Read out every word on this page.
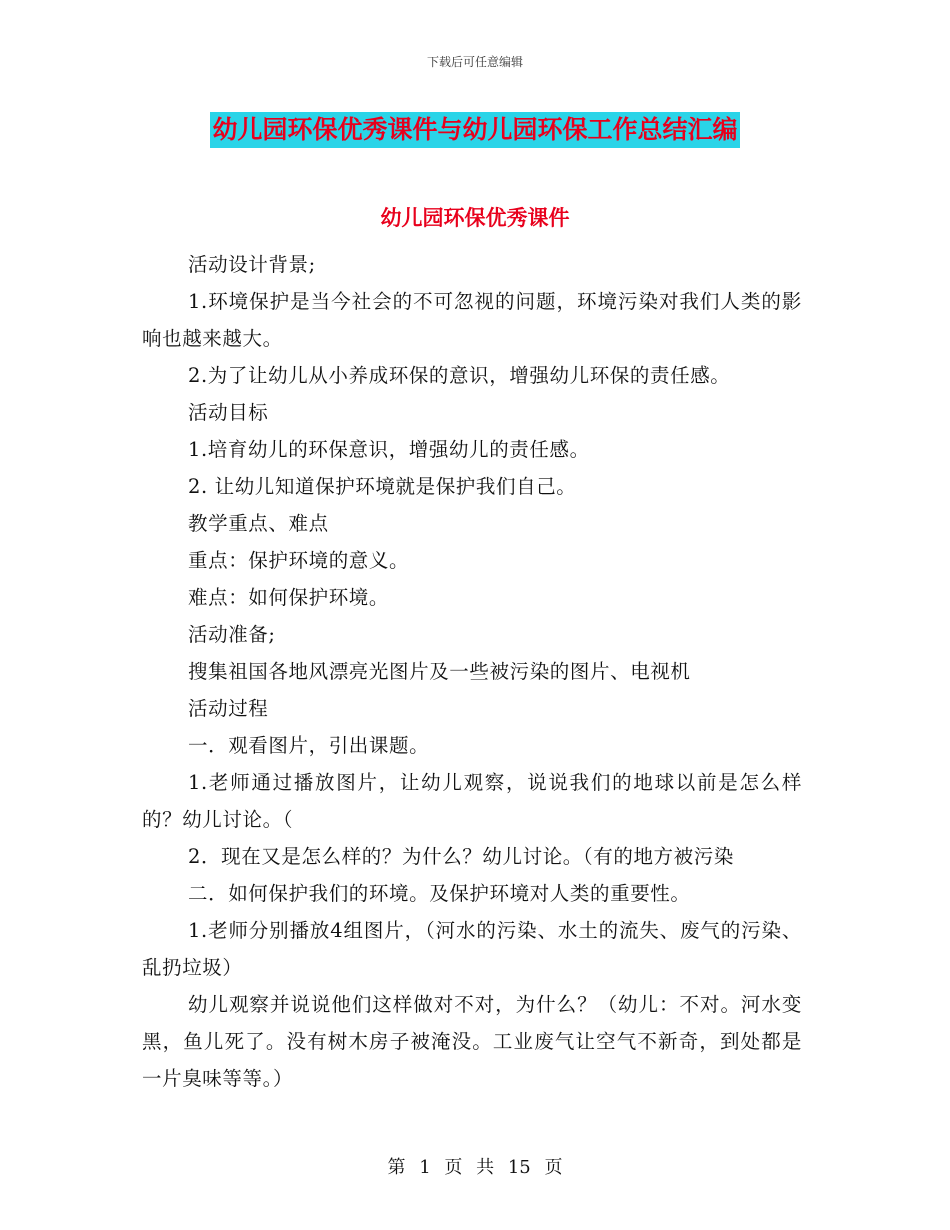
下载后可任意编辑
幼儿园环保优秀课件与幼儿园环保工作总结汇编
幼儿园环保优秀课件

活动设计背景;

1.环境保护是当今社会的不可忽视的问题，环境污染对我们人类的影响也越来越大。

2.为了让幼儿从小养成环保的意识，增强幼儿环保的责任感。

活动目标

1.培育幼儿的环保意识，增强幼儿的责任感。

2. 让幼儿知道保护环境就是保护我们自己。

教学重点、难点

重点：保护环境的意义。

难点：如何保护环境。

活动准备;

搜集祖国各地风漂亮光图片及一些被污染的图片、电视机

活动过程

一．观看图片，引出课题。

1.老师通过播放图片，让幼儿观察，说说我们的地球以前是怎么样的？幼儿讨论。（

2．现在又是怎么样的？为什么？幼儿讨论。（有的地方被污染

二．如何保护我们的环境。及保护环境对人类的重要性。

1.老师分别播放4组图片，（河水的污染、水土的流失、废气的污染、乱扔垃圾）

幼儿观察并说说他们这样做对不对，为什么？（幼儿：不对。河水变黑，鱼儿死了。没有树木房子被淹没。工业废气让空气不新奇，到处都是一片臭味等等。）

第 1 页 共 15 页
